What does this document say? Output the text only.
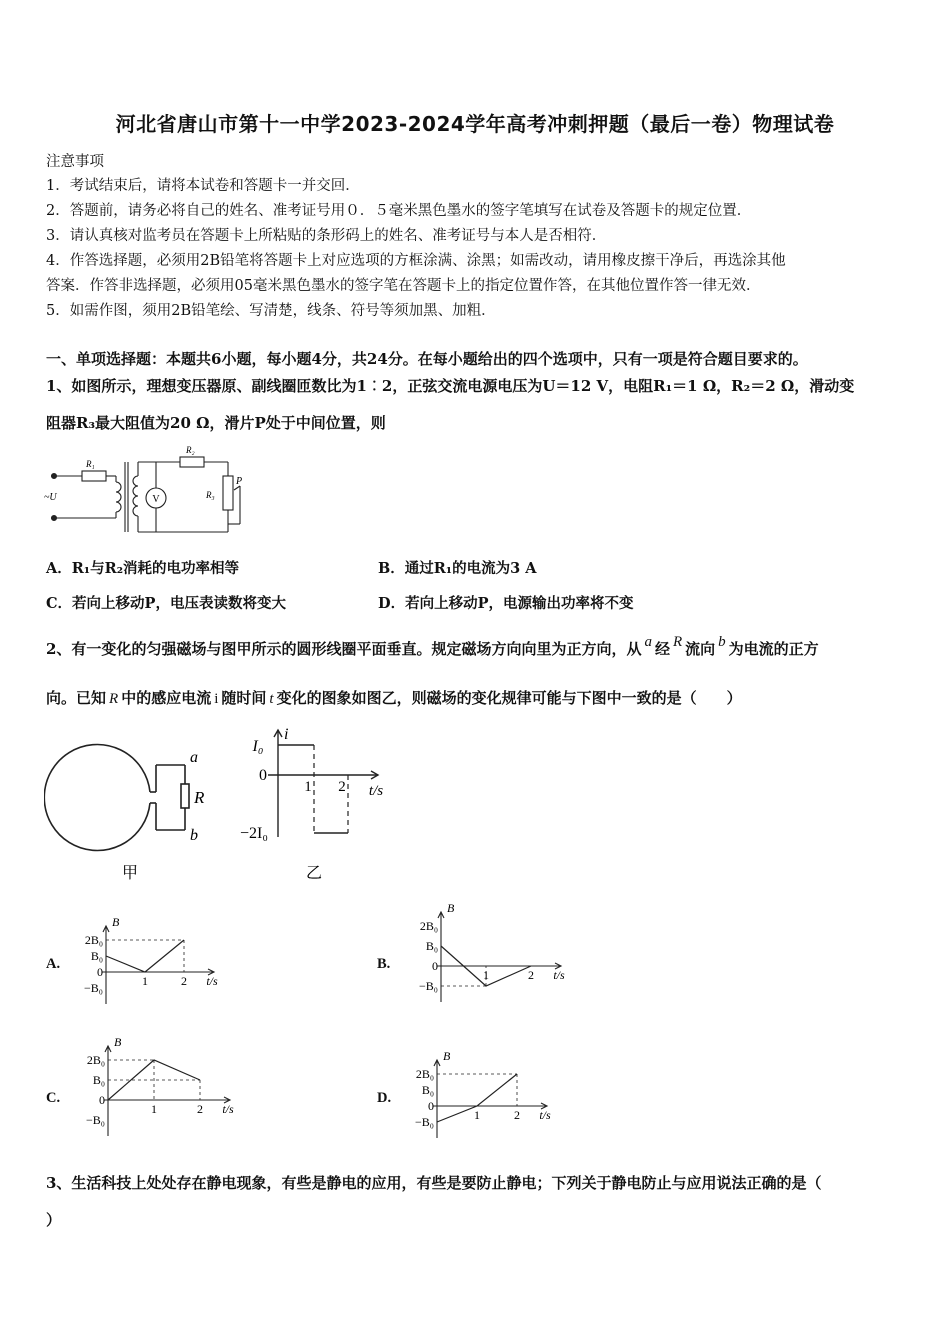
河北省唐山市第十一中学2023-2024学年高考冲刺押题（最后一卷）物理试卷
注意事项
1．考试结束后，请将本试卷和答题卡一并交回．
2．答题前，请务必将自己的姓名、准考证号用０．５毫米黑色墨水的签字笔填写在试卷及答题卡的规定位置．
3．请认真核对监考员在答题卡上所粘贴的条形码上的姓名、准考证号与本人是否相符．
4．作答选择题，必须用2B铅笔将答题卡上对应选项的方框涂满、涂黑；如需改动，请用橡皮擦干净后，再选涂其他
答案．作答非选择题，必须用05毫米黑色墨水的签字笔在答题卡上的指定位置作答，在其他位置作答一律无效．
5．如需作图，须用2B铅笔绘、写清楚，线条、符号等须加黑、加粗．
一、单项选择题：本题共6小题，每小题4分，共24分。在每小题给出的四个选项中，只有一项是符合题目要求的。
1、如图所示，理想变压器原、副线圈匝数比为1︰2，正弦交流电源电压为U＝12 V，电阻R₁＝1 Ω，R₂＝2 Ω，滑动变
阻器R₃最大阻值为20 Ω，滑片P处于中间位置，则
V
R₁
R₂
R₃
P
~U
A．R₁与R₂消耗的电功率相等	B．通过R₁的电流为3 A
C．若向上移动P，电压表读数将变大	D．若向上移动P，电源输出功率将不变
2、有一变化的匀强磁场与图甲所示的圆形线圈平面垂直。规定磁场方向向里为正方向，从 a 经 R 流向 b 为电流的正方
向。已知 R 中的感应电流 i 随时间 t 变化的图象如图乙，则磁场的变化规律可能与下图中一致的是（　　）
a
R
b
甲
i
I₀
0
1 2 t/s
−2I₀
乙
A.
B
2B₀
B₀
0
−B₀	1	2 t/s
B.
B
2B₀
B₀
0
−B₀
1	2 t/s
C.
B
2B₀
B₀
0
−B₀
1	2 t/s
D.
B
2B₀
B₀
0
−B₀	1	2 t/s
3、生活科技上处处存在静电现象，有些是静电的应用，有些是要防止静电；下列关于静电防止与应用说法正确的是（
）
